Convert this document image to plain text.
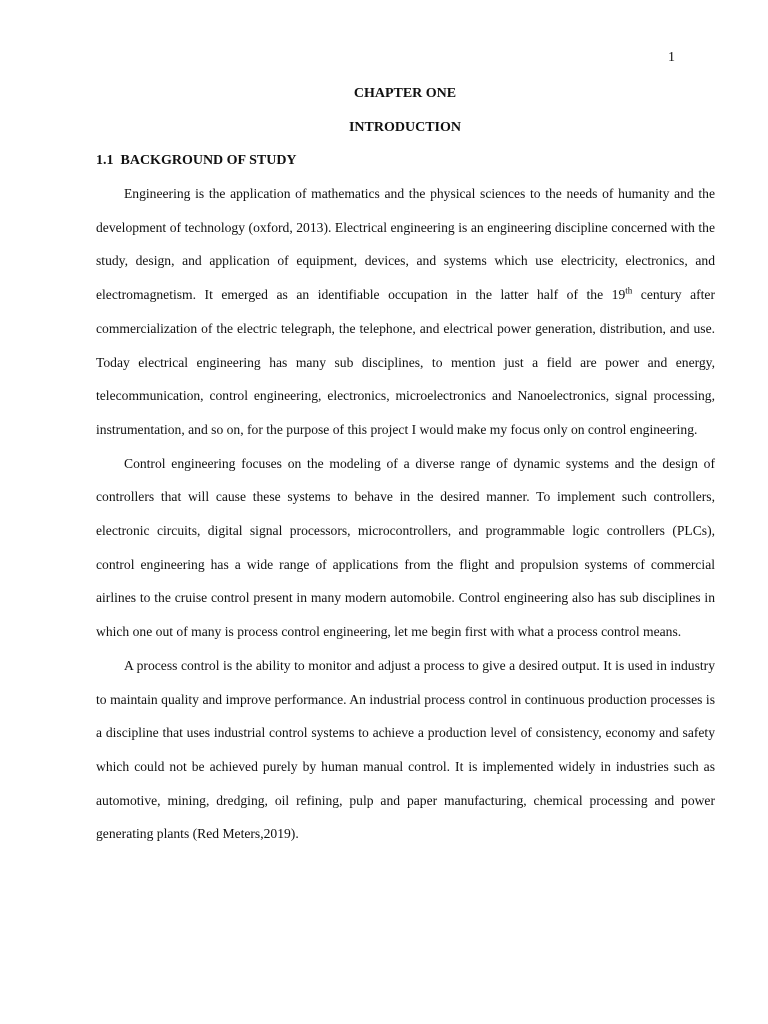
1
CHAPTER ONE
INTRODUCTION
1.1 BACKGROUND OF STUDY

Engineering is the application of mathematics and the physical sciences to the needs of humanity and the development of technology (oxford, 2013). Electrical engineering is an engineering discipline concerned with the study, design, and application of equipment, devices, and systems which use electricity, electronics, and electromagnetism. It emerged as an identifiable occupation in the latter half of the 19th century after commercialization of the electric telegraph, the telephone, and electrical power generation, distribution, and use. Today electrical engineering has many sub disciplines, to mention just a field are power and energy, telecommunication, control engineering, electronics, microelectronics and Nanoelectronics, signal processing, instrumentation, and so on, for the purpose of this project I would make my focus only on control engineering.

Control engineering focuses on the modeling of a diverse range of dynamic systems and the design of controllers that will cause these systems to behave in the desired manner. To implement such controllers, electronic circuits, digital signal processors, microcontrollers, and programmable logic controllers (PLCs), control engineering has a wide range of applications from the flight and propulsion systems of commercial airlines to the cruise control present in many modern automobile. Control engineering also has sub disciplines in which one out of many is process control engineering, let me begin first with what a process control means.

A process control is the ability to monitor and adjust a process to give a desired output. It is used in industry to maintain quality and improve performance. An industrial process control in continuous production processes is a discipline that uses industrial control systems to achieve a production level of consistency, economy and safety which could not be achieved purely by human manual control. It is implemented widely in industries such as automotive, mining, dredging, oil refining, pulp and paper manufacturing, chemical processing and power generating plants (Red Meters,2019).
